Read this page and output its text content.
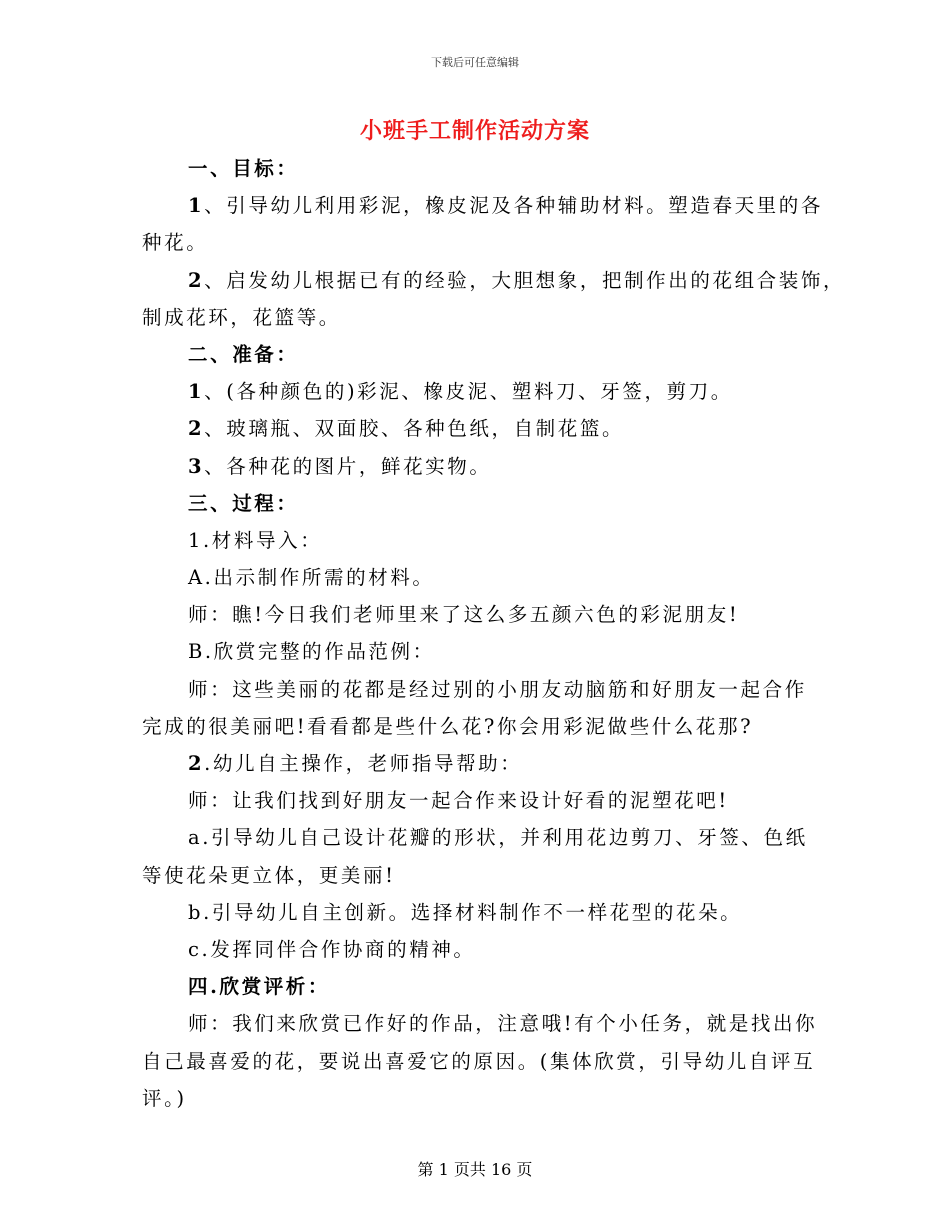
下载后可任意编辑
小班手工制作活动方案
一、目标：
1、引导幼儿利用彩泥，橡皮泥及各种辅助材料。塑造春天里的各
种花。
2、启发幼儿根据已有的经验，大胆想象，把制作出的花组合装饰，
制成花环，花篮等。
二、准备：
1、(各种颜色的)彩泥、橡皮泥、塑料刀、牙签，剪刀。
2、玻璃瓶、双面胶、各种色纸，自制花篮。
3、各种花的图片，鲜花实物。
三、过程：
1.材料导入：
A.出示制作所需的材料。
师：瞧!今日我们老师里来了这么多五颜六色的彩泥朋友!
B.欣赏完整的作品范例：
师：这些美丽的花都是经过别的小朋友动脑筋和好朋友一起合作
完成的很美丽吧!看看都是些什么花?你会用彩泥做些什么花那?
2.幼儿自主操作，老师指导帮助：
师：让我们找到好朋友一起合作来设计好看的泥塑花吧!
a.引导幼儿自己设计花瓣的形状，并利用花边剪刀、牙签、色纸
等使花朵更立体，更美丽!
b.引导幼儿自主创新。选择材料制作不一样花型的花朵。
c.发挥同伴合作协商的精神。
四.欣赏评析：
师：我们来欣赏已作好的作品，注意哦!有个小任务，就是找出你
自己最喜爱的花，要说出喜爱它的原因。(集体欣赏，引导幼儿自评互
评。)
第 1 页共 16 页
